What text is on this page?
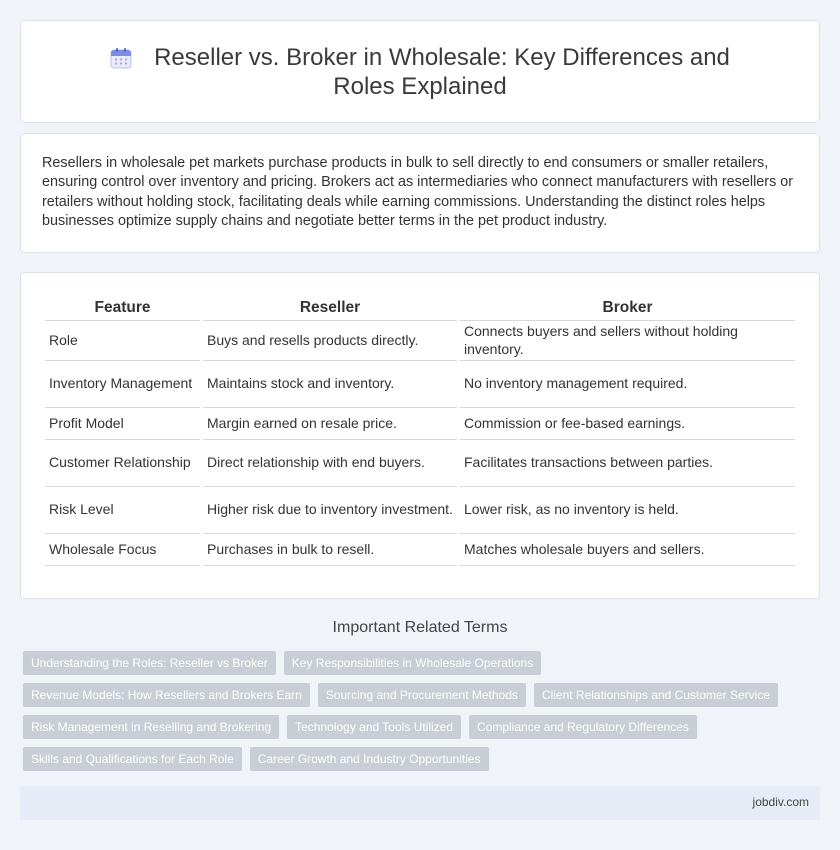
Reseller vs. Broker in Wholesale: Key Differences and Roles Explained

Resellers in wholesale pet markets purchase products in bulk to sell directly to end consumers or smaller retailers, ensuring control over inventory and pricing. Brokers act as intermediaries who connect manufacturers with resellers or retailers without holding stock, facilitating deals while earning commissions. Understanding the distinct roles helps businesses optimize supply chains and negotiate better terms in the pet product industry.

Feature	Reseller	Broker
Role	Buys and resells products directly.	Connects buyers and sellers without holding inventory.
Inventory Management	Maintains stock and inventory.	No inventory management required.
Profit Model	Margin earned on resale price.	Commission or fee-based earnings.
Customer Relationship	Direct relationship with end buyers.	Facilitates transactions between parties.
Risk Level	Higher risk due to inventory investment.	Lower risk, as no inventory is held.
Wholesale Focus	Purchases in bulk to resell.	Matches wholesale buyers and sellers.
Important Related Terms
Understanding the Roles: Reseller vs Broker	Key Responsibilities in Wholesale Operations
Revenue Models: How Resellers and Brokers Earn	Sourcing and Procurement Methods	Client Relationships and Customer Service
Risk Management in Reselling and Brokering	Technology and Tools Utilized	Compliance and Regulatory Differences
Skills and Qualifications for Each Role	Career Growth and Industry Opportunities
jobdiv.com
